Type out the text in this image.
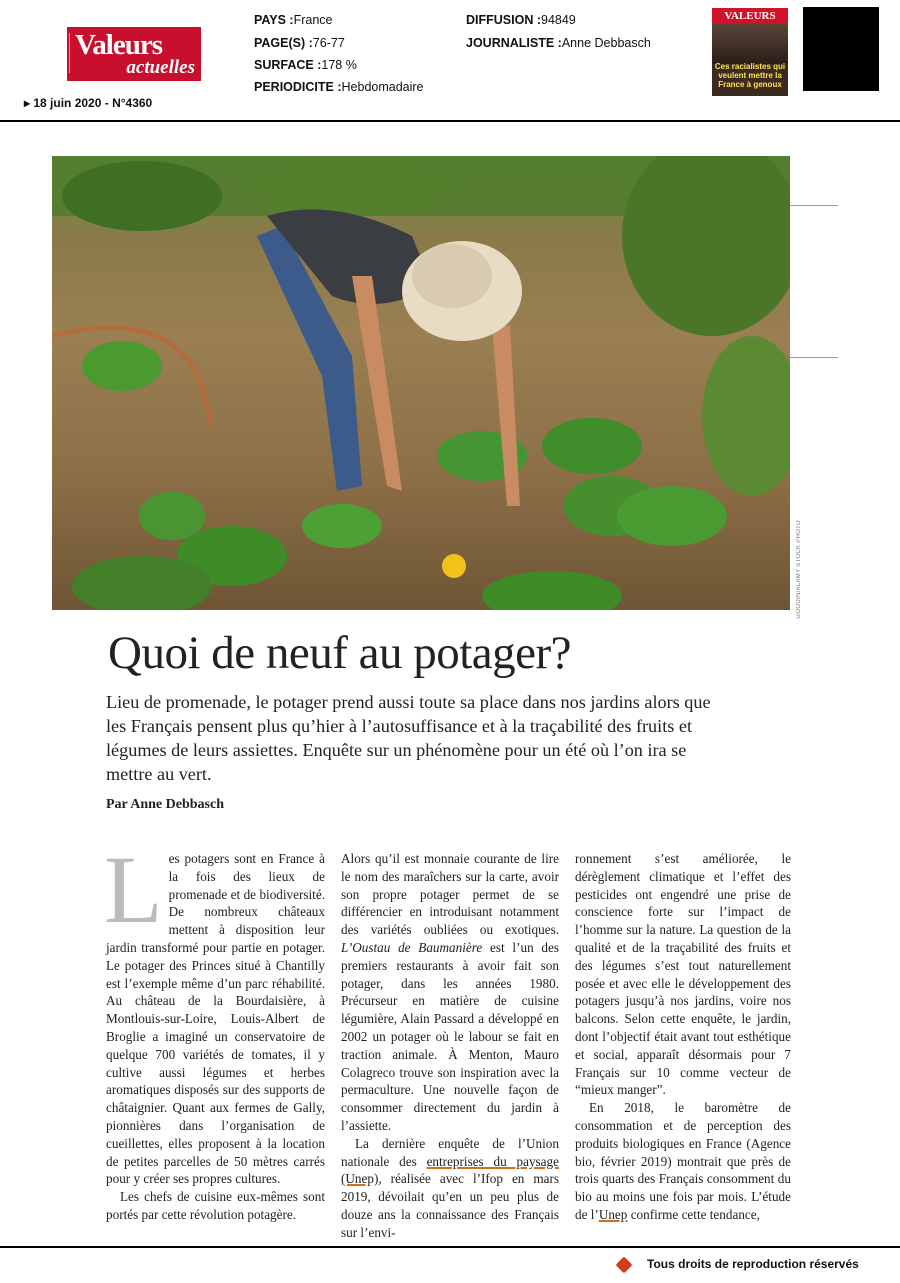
Valeurs
actuelles
▸ 18 juin 2020 - N°4360
PAYS :France
PAGE(S) :76-77
SURFACE :178 %
PERIODICITE :Hebdomadaire
DIFFUSION :94849
JOURNALISTE :Anne Debbasch
VALEURS
Ces racialistes qui veulent mettre la France à genoux
GOODIN/ALAMY STOCK PHOTO
Quoi de neuf au potager?
Lieu de promenade, le potager prend aussi toute sa place dans nos jardins alors que les Français pensent plus qu’hier à l’autosuffisance et à la traçabilité des fruits et légumes de leurs assiettes. Enquête sur un phénomène pour un été où l’on ira se mettre au vert.
Par Anne Debbasch

Les potagers sont en France à la fois des lieux de promenade et de biodiversité. De nombreux châteaux mettent à disposition leur jardin transformé pour partie en potager. Le potager des Princes situé à Chantilly est l’exemple même d’un parc réhabilité. Au château de la Bourdaisière, à Montlouis-sur-Loire, Louis-Albert de Broglie a imaginé un conservatoire de quelque 700 variétés de tomates, il y cultive aussi légumes et herbes aromatiques disposés sur des supports de châtaignier. Quant aux fermes de Gally, pionnières dans l’organisation de cueillettes, elles proposent à la location de petites parcelles de 50 mètres carrés pour y créer ses propres cultures.

Les chefs de cuisine eux-mêmes sont portés par cette révolution potagère.

Alors qu’il est monnaie courante de lire le nom des maraîchers sur la carte, avoir son propre potager permet de se différencier en introduisant notamment des variétés oubliées ou exotiques. L’Oustau de Baumanière est l’un des premiers restaurants à avoir fait son potager, dans les années 1980. Précurseur en matière de cuisine légumière, Alain Passard a développé en 2002 un potager où le labour se fait en traction animale. À Menton, Mauro Colagreco trouve son inspiration avec la permaculture. Une nouvelle façon de consommer directement du jardin à l’assiette.

La dernière enquête de l’Union nationale des entreprises du paysage (Unep), réalisée avec l’Ifop en mars 2019, dévoilait qu’en un peu plus de douze ans la connaissance des Français sur l’envi-

ronnement s’est améliorée, le dérèglement climatique et l’effet des pesticides ont engendré une prise de conscience forte sur l’impact de l’homme sur la nature. La question de la qualité et de la traçabilité des fruits et des légumes s’est tout naturellement posée et avec elle le développement des potagers jusqu’à nos jardins, voire nos balcons. Selon cette enquête, le jardin, dont l’objectif était avant tout esthétique et social, apparaît désormais pour 7 Français sur 10 comme vecteur de “mieux manger”.

En 2018, le baromètre de consommation et de perception des produits biologiques en France (Agence bio, février 2019) montrait que près de trois quarts des Français consomment du bio au moins une fois par mois. L’étude de l’Unep confirme cette tendance,

Tous droits de reproduction réservés
